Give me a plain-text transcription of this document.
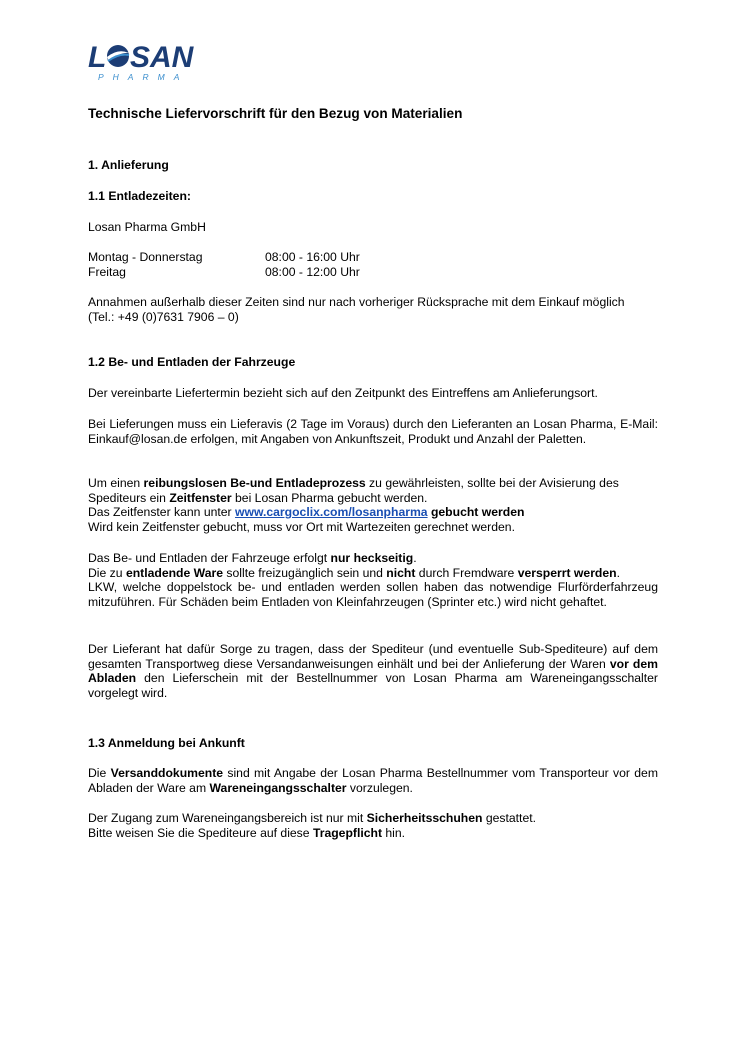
L SAN
PHARMA
Technische Liefervorschrift für den Bezug von Materialien
1. Anlieferung
1.1 Entladezeiten:
Losan Pharma GmbH
Montag - Donnerstag	08:00 - 16:00 Uhr
Freitag	08:00 - 12:00 Uhr
Annahmen außerhalb dieser Zeiten sind nur nach vorheriger Rücksprache mit dem Einkauf möglich
(Tel.: +49 (0)7631 7906 – 0)
1.2 Be- und Entladen der Fahrzeuge
Der vereinbarte Liefertermin bezieht sich auf den Zeitpunkt des Eintreffens am Anlieferungsort.
Bei Lieferungen muss ein Lieferavis (2 Tage im Voraus) durch den Lieferanten an Losan Pharma, E-Mail: Einkauf@losan.de erfolgen, mit Angaben von Ankunftszeit, Produkt und Anzahl der Paletten.
Um einen reibungslosen Be-und Entladeprozess zu gewährleisten, sollte bei der Avisierung des Spediteurs ein Zeitfenster bei Losan Pharma gebucht werden.
Das Zeitfenster kann unter www.cargoclix.com/losanpharma gebucht werden
Wird kein Zeitfenster gebucht, muss vor Ort mit Wartezeiten gerechnet werden.
Das Be- und Entladen der Fahrzeuge erfolgt nur heckseitig.
Die zu entladende Ware sollte freizugänglich sein und nicht durch Fremdware versperrt werden.
LKW, welche doppelstock be- und entladen werden sollen haben das notwendige Flurförderfahrzeug mitzuführen. Für Schäden beim Entladen von Kleinfahrzeugen (Sprinter etc.) wird nicht gehaftet.
Der Lieferant hat dafür Sorge zu tragen, dass der Spediteur (und eventuelle Sub-Spediteure) auf dem gesamten Transportweg diese Versandanweisungen einhält und bei der Anlieferung der Waren vor dem Abladen den Lieferschein mit der Bestellnummer von Losan Pharma am Wareneingangsschalter vorgelegt wird.
1.3 Anmeldung bei Ankunft
Die Versanddokumente sind mit Angabe der Losan Pharma Bestellnummer vom Transporteur vor dem Abladen der Ware am Wareneingangsschalter vorzulegen.
Der Zugang zum Wareneingangsbereich ist nur mit Sicherheitsschuhen gestattet.
Bitte weisen Sie die Spediteure auf diese Tragepflicht hin.
